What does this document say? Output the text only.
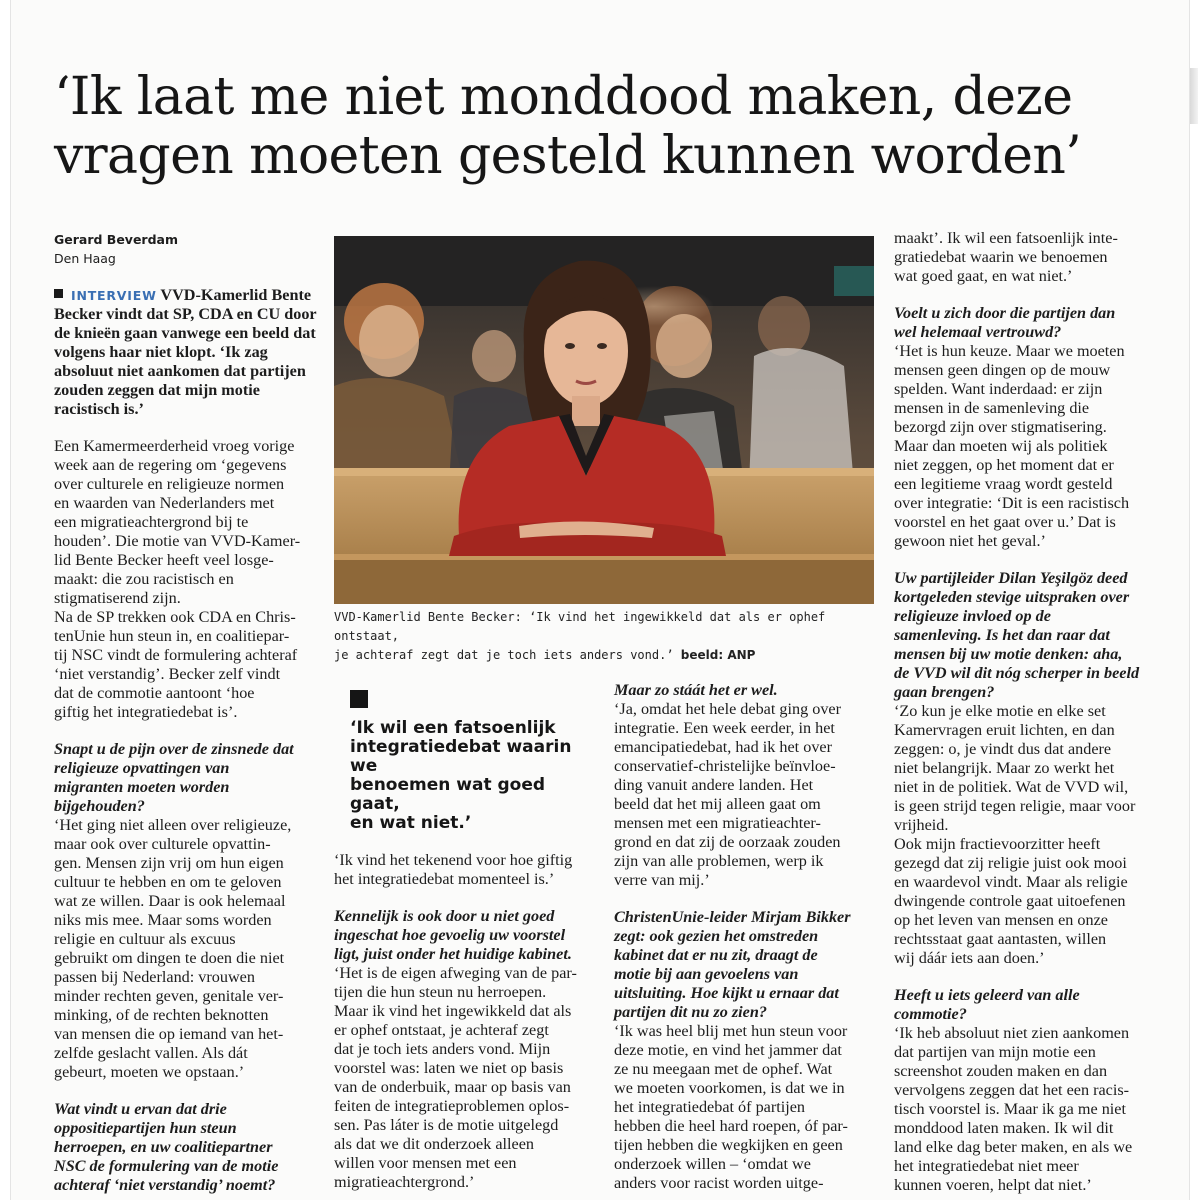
‘Ik laat me niet monddood maken, deze vragen moeten gesteld kunnen worden’
Gerard Beverdam
Den Haag

INTERVIEW VVD-Kamerlid Bente Becker vindt dat SP, CDA en CU door de knieën gaan vanwege een beeld dat volgens haar niet klopt. ‘Ik zag absoluut niet aankomen dat partijen zouden zeggen dat mijn motie racistisch is.’

Een Kamermeerderheid vroeg vorige
week aan de regering om ‘gegevens
over culturele en religieuze normen
en waarden van Nederlanders met
een migratieachtergrond bij te
houden’. Die motie van VVD-Kamer-
lid Bente Becker heeft veel losge-
maakt: die zou racistisch en
stigmatiserend zijn.
Na de SP trekken ook CDA en Chris-
tenUnie hun steun in, en coalitiepar-
tij NSC vindt de formulering achteraf
‘niet verstandig’. Becker zelf vindt
dat de commotie aantoont ‘hoe
giftig het integratiedebat is’.

Snapt u de pijn over de zinsnede dat
religieuze opvattingen van
migranten moeten worden
bijgehouden?

‘Het ging niet alleen over religieuze,
maar ook over culturele opvattin-
gen. Mensen zijn vrij om hun eigen
cultuur te hebben en om te geloven
wat ze willen. Daar is ook helemaal
niks mis mee. Maar soms worden
religie en cultuur als excuus
gebruikt om dingen te doen die niet
passen bij Nederland: vrouwen
minder rechten geven, genitale ver-
minking, of de rechten beknotten
van mensen die op iemand van het-
zelfde geslacht vallen. Als dát
gebeurt, moeten we opstaan.’

Wat vindt u ervan dat drie
oppositiepartijen hun steun
herroepen, en uw coalitiepartner
NSC de formulering van de motie
achteraf ‘niet verstandig’ noemt?

VVD-Kamerlid Bente Becker: ‘Ik vind het ingewikkeld dat als er ophef ontstaat,
je achteraf zegt dat je toch iets anders vond.’ beeld: ANP
‘Ik wil een fatsoenlijk
integratiedebat waarin we
benoemen wat goed gaat,
en wat niet.’

‘Ik vind het tekenend voor hoe giftig
het integratiedebat momenteel is.’

Kennelijk is ook door u niet goed
ingeschat hoe gevoelig uw voorstel
ligt, juist onder het huidige kabinet.

‘Het is de eigen afweging van de par-
tijen die hun steun nu herroepen.
Maar ik vind het ingewikkeld dat als
er ophef ontstaat, je achteraf zegt
dat je toch iets anders vond. Mijn
voorstel was: laten we niet op basis
van de onderbuik, maar op basis van
feiten de integratieproblemen oplos-
sen. Pas láter is de motie uitgelegd
als dat we dit onderzoek alleen
willen voor mensen met een
migratieachtergrond.’

Maar zo stáát het er wel.

‘Ja, omdat het hele debat ging over
integratie. Een week eerder, in het
emancipatiedebat, had ik het over
conservatief-christelijke beïnvloe-
ding vanuit andere landen. Het
beeld dat het mij alleen gaat om
mensen met een migratieachter-
grond en dat zij de oorzaak zouden
zijn van alle problemen, werp ik
verre van mij.’

ChristenUnie-leider Mirjam Bikker
zegt: ook gezien het omstreden
kabinet dat er nu zit, draagt de
motie bij aan gevoelens van
uitsluiting. Hoe kijkt u ernaar dat
partijen dit nu zo zien?

‘Ik was heel blij met hun steun voor
deze motie, en vind het jammer dat
ze nu meegaan met de ophef. Wat
we moeten voorkomen, is dat we in
het integratiedebat óf partijen
hebben die heel hard roepen, óf par-
tijen hebben die wegkijken en geen
onderzoek willen – ‘omdat we
anders voor racist worden uitge-

maakt’. Ik wil een fatsoenlijk inte-
gratiedebat waarin we benoemen
wat goed gaat, en wat niet.’

Voelt u zich door die partijen dan
wel helemaal vertrouwd?

‘Het is hun keuze. Maar we moeten
mensen geen dingen op de mouw
spelden. Want inderdaad: er zijn
mensen in de samenleving die
bezorgd zijn over stigmatisering.
Maar dan moeten wij als politiek
niet zeggen, op het moment dat er
een legitieme vraag wordt gesteld
over integratie: ‘Dit is een racistisch
voorstel en het gaat over u.’ Dat is
gewoon niet het geval.’

Uw partijleider Dilan Yeşilgöz deed
kortgeleden stevige uitspraken over
religieuze invloed op de
samenleving. Is het dan raar dat
mensen bij uw motie denken: aha,
de VVD wil dit nóg scherper in beeld
gaan brengen?

‘Zo kun je elke motie en elke set
Kamervragen eruit lichten, en dan
zeggen: o, je vindt dus dat andere
niet belangrijk. Maar zo werkt het
niet in de politiek. Wat de VVD wil,
is geen strijd tegen religie, maar voor
vrijheid.
Ook mijn fractievoorzitter heeft
gezegd dat zij religie juist ook mooi
en waardevol vindt. Maar als religie
dwingende controle gaat uitoefenen
op het leven van mensen en onze
rechtsstaat gaat aantasten, willen
wij dáár iets aan doen.’

Heeft u iets geleerd van alle
commotie?

‘Ik heb absoluut niet zien aankomen
dat partijen van mijn motie een
screenshot zouden maken en dan
vervolgens zeggen dat het een racis-
tisch voorstel is. Maar ik ga me niet
monddood laten maken. Ik wil dit
land elke dag beter maken, en als we
het integratiedebat niet meer
kunnen voeren, helpt dat niet.’
